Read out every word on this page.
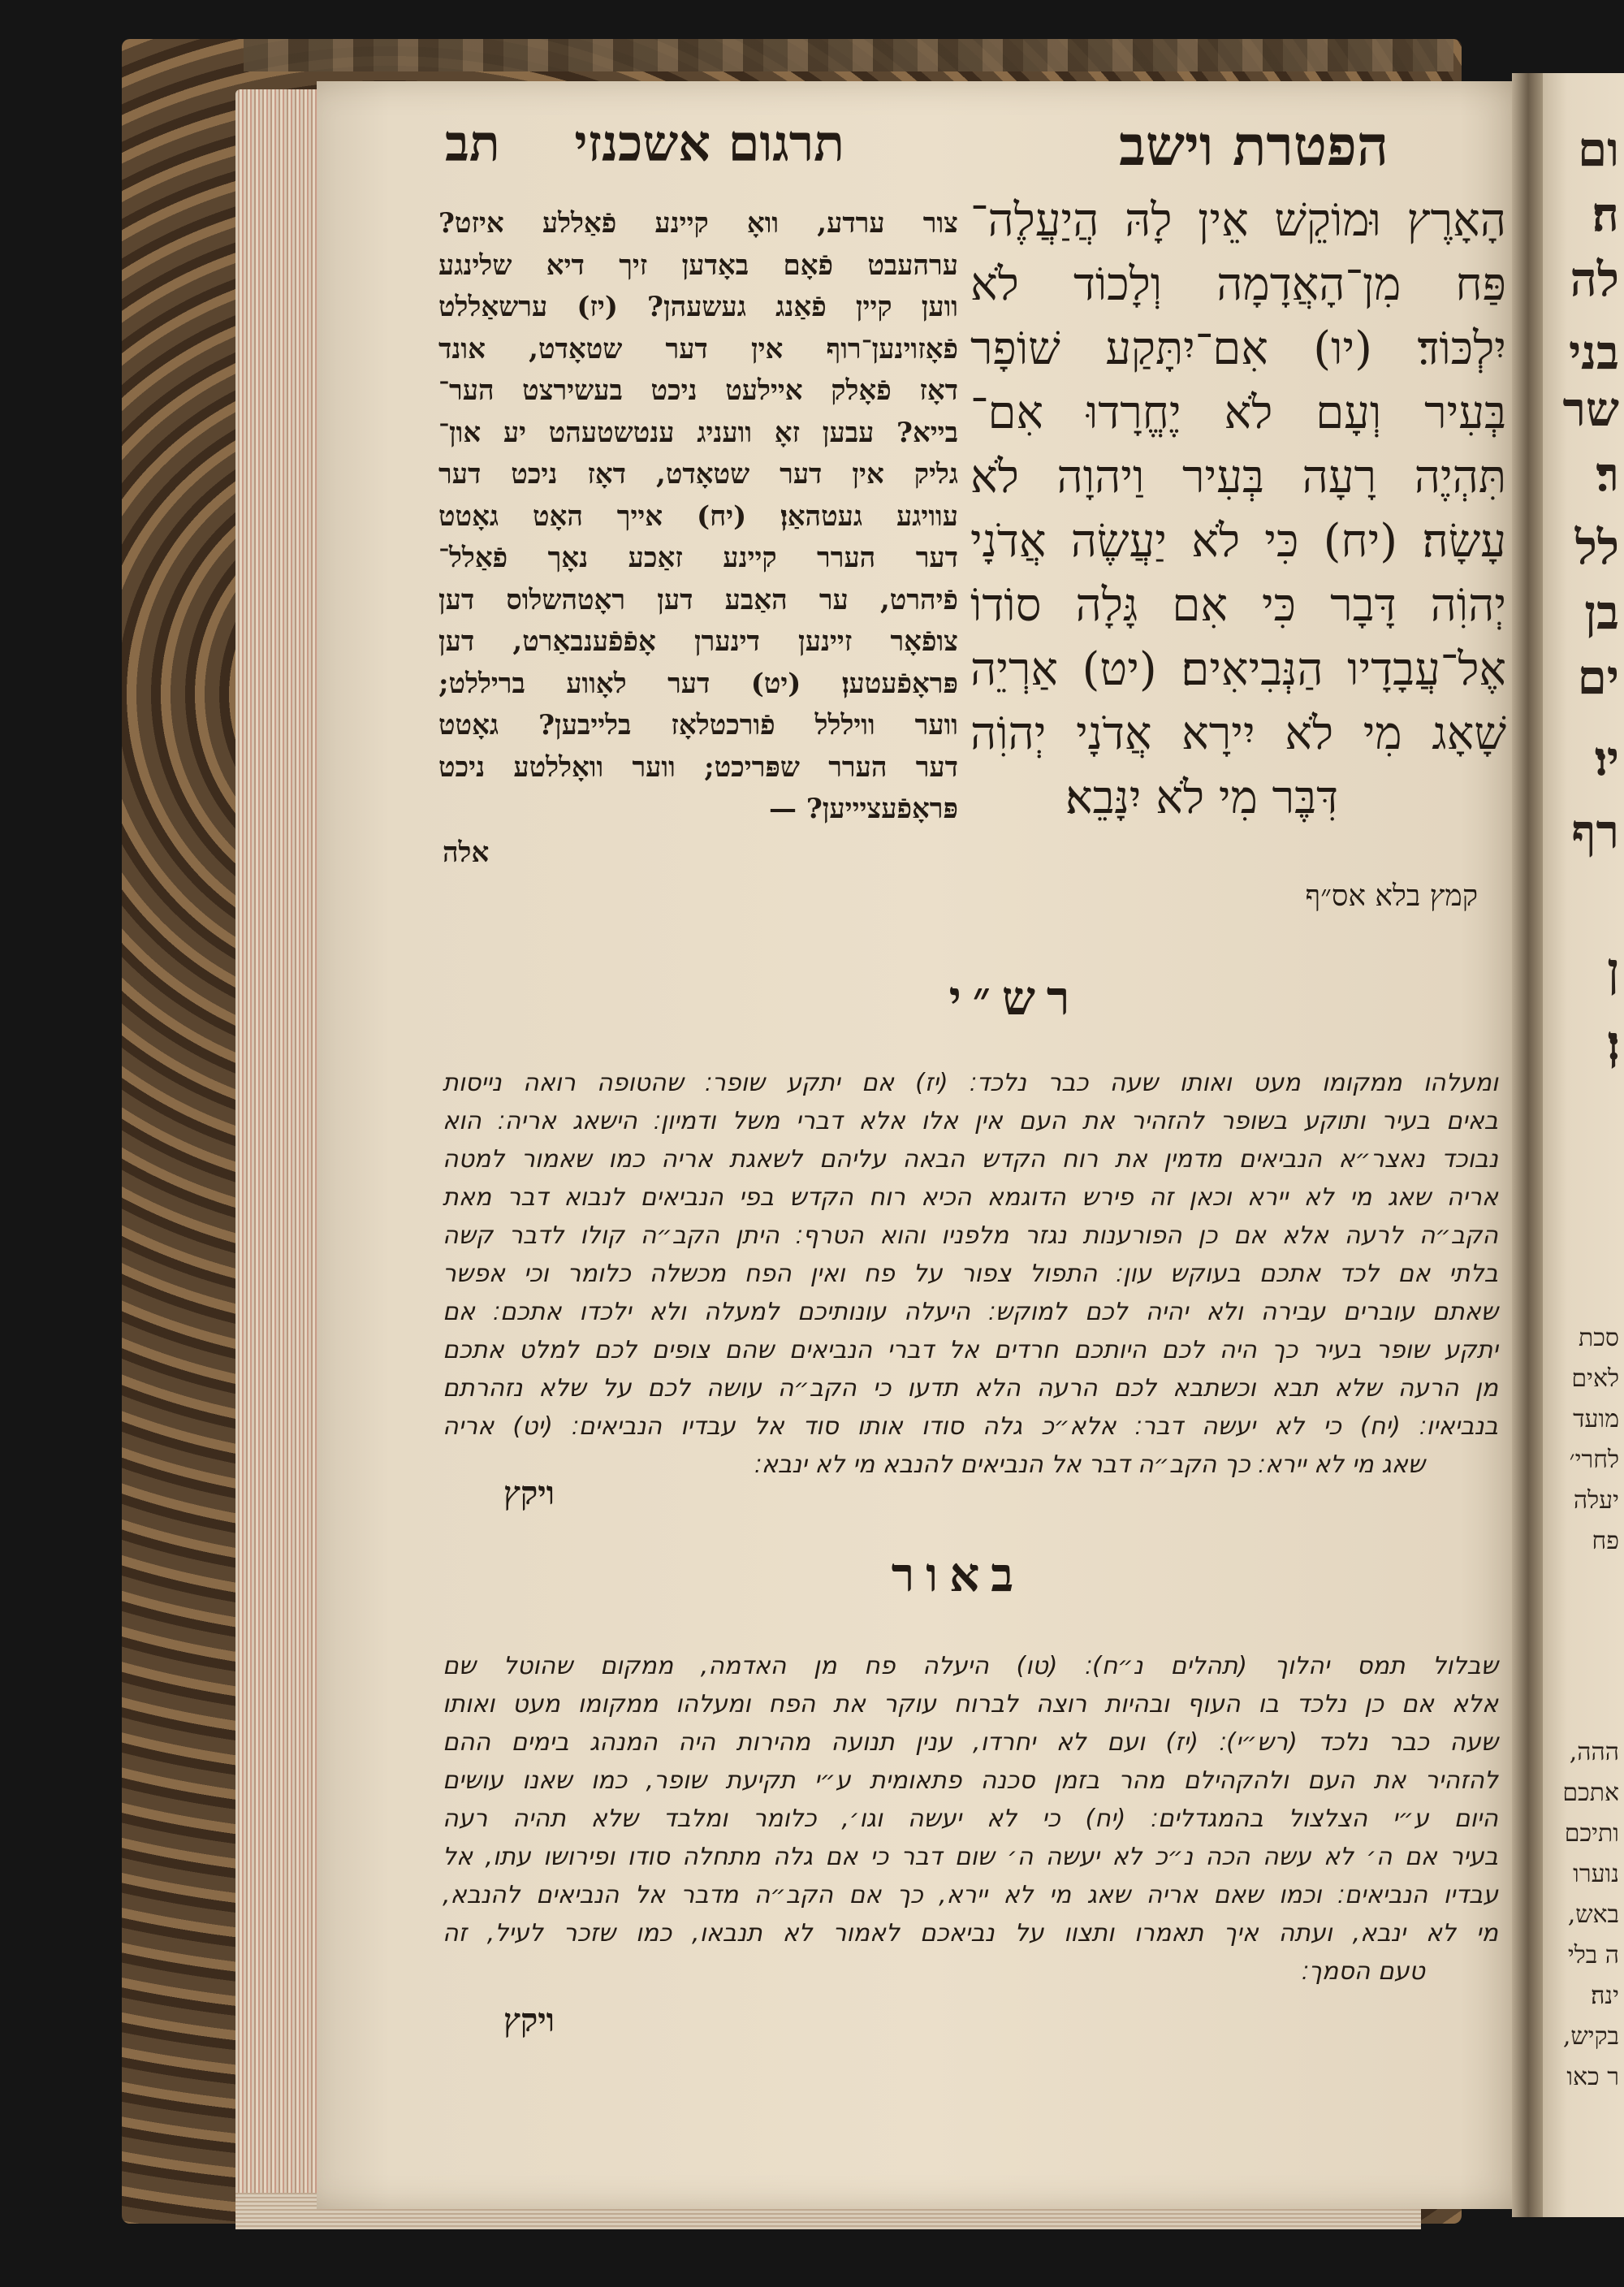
ום
ה׃
לה
בני
שר
ר׃
לל
בן
ים
יו׃
רף
ן
ן׃
סכת
לאים
מועד
לחרי׳
יעלה
פח
ההה,
אתכם
ותיכם
נוערו
באש,
ה בלי
ינה׃
בקיש,
ר כאו
הפטרת וישב
תרגום אשכנזי
תב
הָאָרֶץ וּמוֹקֵשׁ אֵין לָהּ הֲיַעֲלֶה־
פַּח מִן־הָאֲדָמָה וְלָכוֹד לֹא
יִלְכּוֹד׃ (יו) אִם־יִתָּקַע שׁוֹפָר
בְּעִיר וְעָם לֹא יֶחֱרָדוּ אִם־
תִּהְיֶה רָעָה בְּעִיר וַיהוָה לֹא
עָשָׂה׃ (יח) כִּי לֹא יַעֲשֶׂה אֲדֹנָי
יְהוִֹה דָּבָר כִּי אִם גָּלָה סוֹדוֹ
אֶל־עֲבָדָיו הַנְּבִיאִים׃ (יט) אַרְיֵה
שָׁאָג מִי לֹא יִירָא אֲדֹנָי יְהוִֹה
דִּבֶּר מִי לֹא יִנָּבֵא׃
צור ערדע, וואָ קיינע פֿאַללע איזט?
ערהעבט פֿאָם באָדען זיך דיא שלינגע
ווען קיין פֿאַנג געשעהן? (יז) ערשאַללט
פֿאָזוינען־רוף אין דער שטאָדט, אונד
דאָז פֿאָלק איילעט ניכט בעשירצט הער־
בייא? עבען זאָ וועניג ענטשטעהט יע און־
גליק אין דער שטאָדט, דאָז ניכט דער
עוויגע געטהאַן׃ (יח) אייך האָט גאָטט
דער הערר קיינע זאַכע נאָך פֿאַלל־
פֿיהרט, ער האַבע דען ראָטהשלוס דען
צופֿאָר זיינען דינערן אָפֿפֿענבאַרט, דען
פּראָפֿעטען׃ (יט) דער לאָווע בריללט;
ווער וויללל פֿורכטלאָז בלייבען? גאָטט
דער הערר שפּריכט; ווער וואָללטע ניכט
פּראָפֿעציייען? —
אלה
קמץ בלא אס״ף
רש״י
ומעלהו ממקומו מעט ואותו שעה כבר נלכד׃ (יז) אם יתקע שופר׃ שהטופה רואה נייסות
באים בעיר ותוקע בשופר להזהיר את העם אין אלו אלא דברי משל ודמיון׃ הישאג אריה׃ הוא
נבוכד נאצר״א הנביאים מדמין את רוח הקדש הבאה עליהם לשאגת אריה כמו שאמור למטה
אריה שאג מי לא יירא וכאן זה פירש הדוגמא הכיא רוח הקדש בפי הנביאים לנבוא דבר מאת
הקב״ה לרעה אלא אם כן הפורענות נגזר מלפניו והוא הטרף׃ היתן הקב״ה קולו לדבר קשה
בלתי אם לכד אתכם בעוקש עון׃ התפול צפור על פח ואין הפח מכשלה כלומר וכי אפשר
שאתם עוברים עבירה ולא יהיה לכם למוקש׃ היעלה עונותיכם למעלה ולא ילכדו אתכם׃ אם
יתקע שופר בעיר כך היה לכם היותכם חרדים אל דברי הנביאים שהם צופים לכם למלט אתכם
מן הרעה שלא תבא וכשתבא לכם הרעה הלא תדעו כי הקב״ה עושה לכם על שלא נזהרתם
בנביאיו׃ (יח) כי לא יעשה דבר׃ אלא״כ גלה סודו אותו סוד אל עבדיו הנביאים׃ (יט) אריה
שאג מי לא יירא׃ כך הקב״ה דבר אל הנביאים להנבא מי לא ינבא׃
ויקץ
באור
שבלול תמס יהלוך (תהלים נ״ח)׃ (טו) היעלה פח מן האדמה, ממקום שהוטל שם
אלא אם כן נלכד בו העוף ובהיות רוצה לברוח עוקר את הפח ומעלהו ממקומו מעט ואותו
שעה כבר נלכד (רש״י)׃ (יז) ועם לא יחרדו, ענין תנועה מהירות היה המנהג בימים ההם
להזהיר את העם ולהקהילם מהר בזמן סכנה פתאומית ע״י תקיעת שופר, כמו שאנו עושים
היום ע״י הצלצול בהמגדלים׃ (יח) כי לא יעשה וגו׳, כלומר ומלבד שלא תהיה רעה
בעיר אם ה׳ לא עשה הכה נ״כ לא יעשה ה׳ שום דבר כי אם גלה מתחלה סודו ופירושו עתו, אל
עבדיו הנביאים׃ וכמו שאם אריה שאג מי לא יירא, כך אם הקב״ה מדבר אל הנביאים להנבא,
מי לא ינבא, ועתה איך תאמרו ותצוו על נביאכם לאמור לא תנבאו, כמו שזכר לעיל, זה
טעם הסמך׃
ויקץ
